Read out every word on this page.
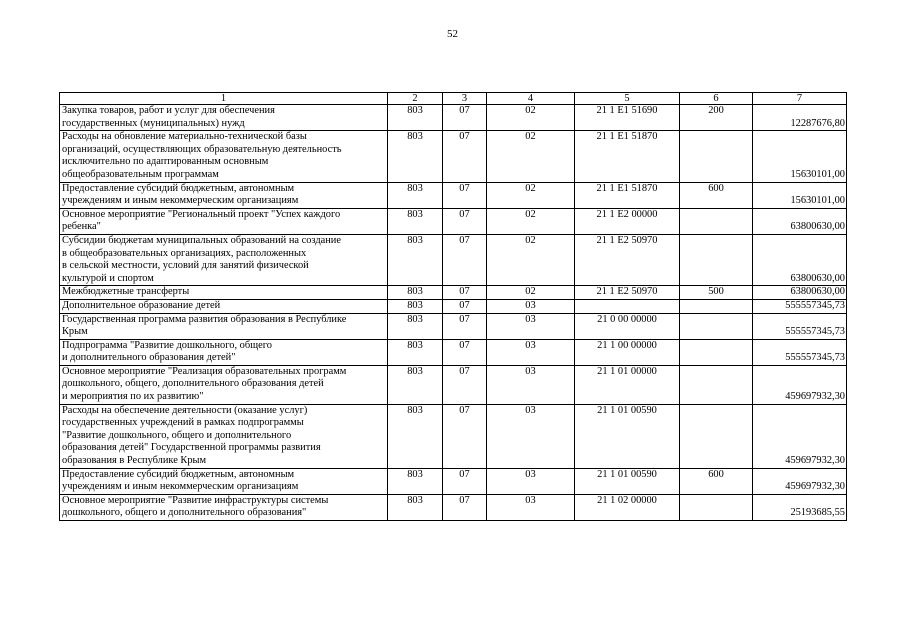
52
1	2	3	4	5	6	7
Закупка товаров, работ и услуг для обеспечения
государственных (муниципальных) нужд	803	07	02	21 1 Е1 51690	200	12287676,80
Расходы на обновление материально-технической базы
организаций, осуществляющих образовательную деятельность
исключительно по адаптированным основным
общеобразовательным программам	803	07	02	21 1 Е1 51870		15630101,00
Предоставление субсидий бюджетным, автономным
учреждениям и иным некоммерческим организациям	803	07	02	21 1 Е1 51870	600	15630101,00
Основное мероприятие "Региональный проект "Успех каждого
ребенка"	803	07	02	21 1 Е2 00000		63800630,00
Субсидии бюджетам муниципальных образований на создание
в общеобразовательных организациях, расположенных
в сельской местности, условий для занятий физической
культурой и спортом	803	07	02	21 1 Е2 50970		63800630,00
Межбюджетные трансферты	803	07	02	21 1 Е2 50970	500	63800630,00
Дополнительное образование детей	803	07	03			555557345,73
Государственная программа развития образования в Республике
Крым	803	07	03	21 0 00 00000		555557345,73
Подпрограмма "Развитие дошкольного, общего
и дополнительного образования детей"	803	07	03	21 1 00 00000		555557345,73
Основное мероприятие "Реализация образовательных программ
дошкольного, общего, дополнительного образования детей
и мероприятия по их развитию"	803	07	03	21 1 01 00000		459697932,30
Расходы на обеспечение деятельности (оказание услуг)
государственных учреждений в рамках подпрограммы
"Развитие дошкольного, общего и дополнительного
образования детей" Государственной программы развития
образования в Республике Крым	803	07	03	21 1 01 00590		459697932,30
Предоставление субсидий бюджетным, автономным
учреждениям и иным некоммерческим организациям	803	07	03	21 1 01 00590	600	459697932,30
Основное мероприятие "Развитие инфраструктуры системы
дошкольного, общего и дополнительного образования"	803	07	03	21 1 02 00000		25193685,55
